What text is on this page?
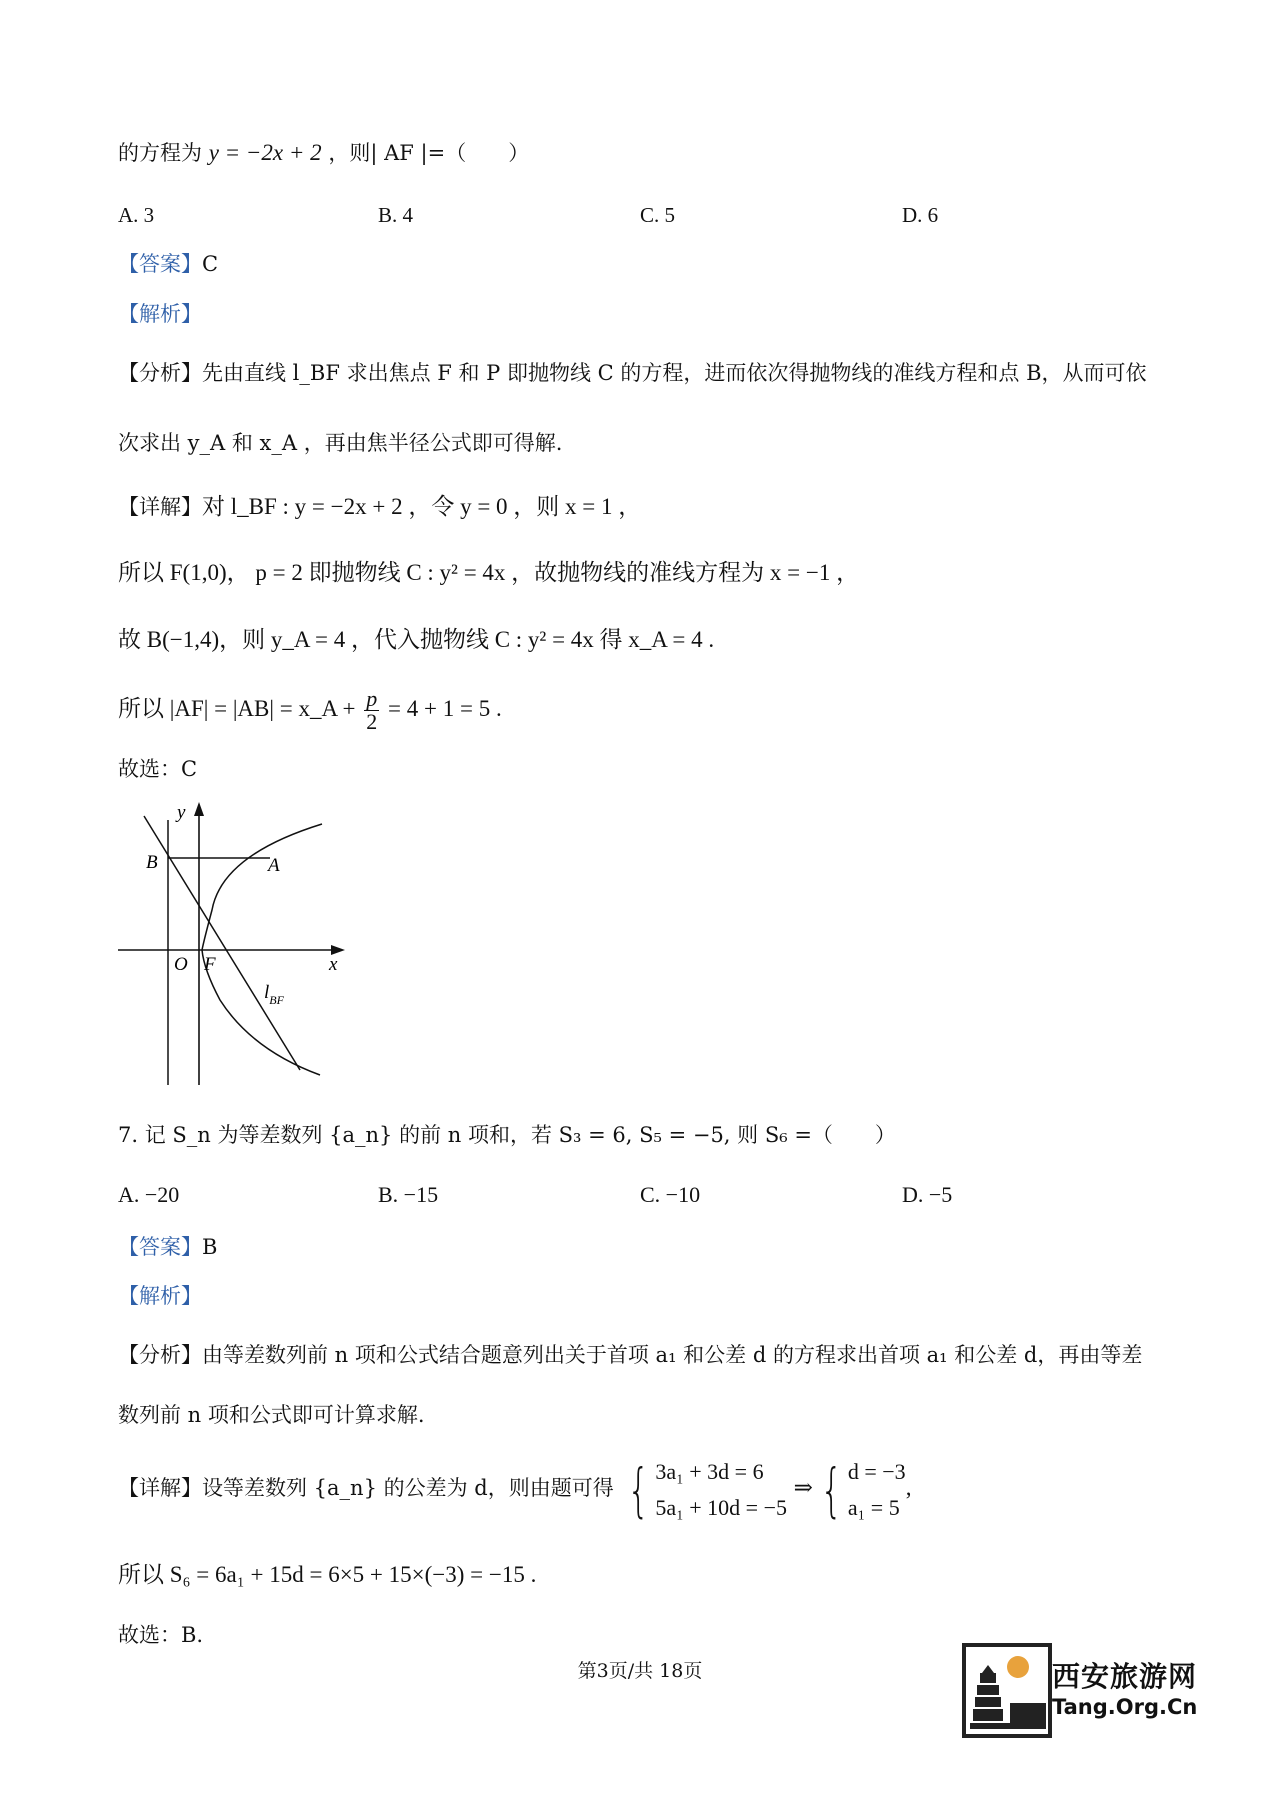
的方程为 y = −2x + 2 ，则| AF |=（　　）
A. 3	B. 4	C. 5	D. 6
【答案】C
【解析】
【分析】先由直线 l_BF 求出焦点 F 和 P 即抛物线 C 的方程，进而依次得抛物线的准线方程和点 B，从而可依
次求出 y_A 和 x_A ，再由焦半径公式即可得解.
【详解】对 l_BF : y = −2x + 2 ，令 y = 0 ，则 x = 1 ，
所以 F(1,0)， p = 2 即抛物线 C : y² = 4x ，故抛物线的准线方程为 x = −1 ，
故 B(−1,4)，则 y_A = 4 ，代入抛物线 C : y² = 4x 得 x_A = 4 .
所以 |AF| = |AB| = x_A + $\frac{p}{2} = 4 + 1 = 5$ .
故选：C
y
B	A
O F	x
$l_{BF}$
7. 记 S_n 为等差数列 {a_n} 的前 n 项和，若 S₃ = 6, S₅ = −5, 则 S₆ =（　　）
A. −20	B. −15	C. −10	D. −5
【答案】B
【解析】
【分析】由等差数列前 n 项和公式结合题意列出关于首项 a₁ 和公差 d 的方程求出首项 a₁ 和公差 d，再由等差
数列前 n 项和公式即可计算求解.
【详解】设等差数列 {a_n} 的公差为 d，则由题可得 { 3a₁ + 3d = 6
5a₁ + 10d = −5
⇒ { d = −3
a₁ = 5
,
所以 S₆ = 6a₁ + 15d = 6×5 + 15×(−3) = −15 .
故选：B.
第3页/共 18页	西安旅游网
Tang.Org.Cn
